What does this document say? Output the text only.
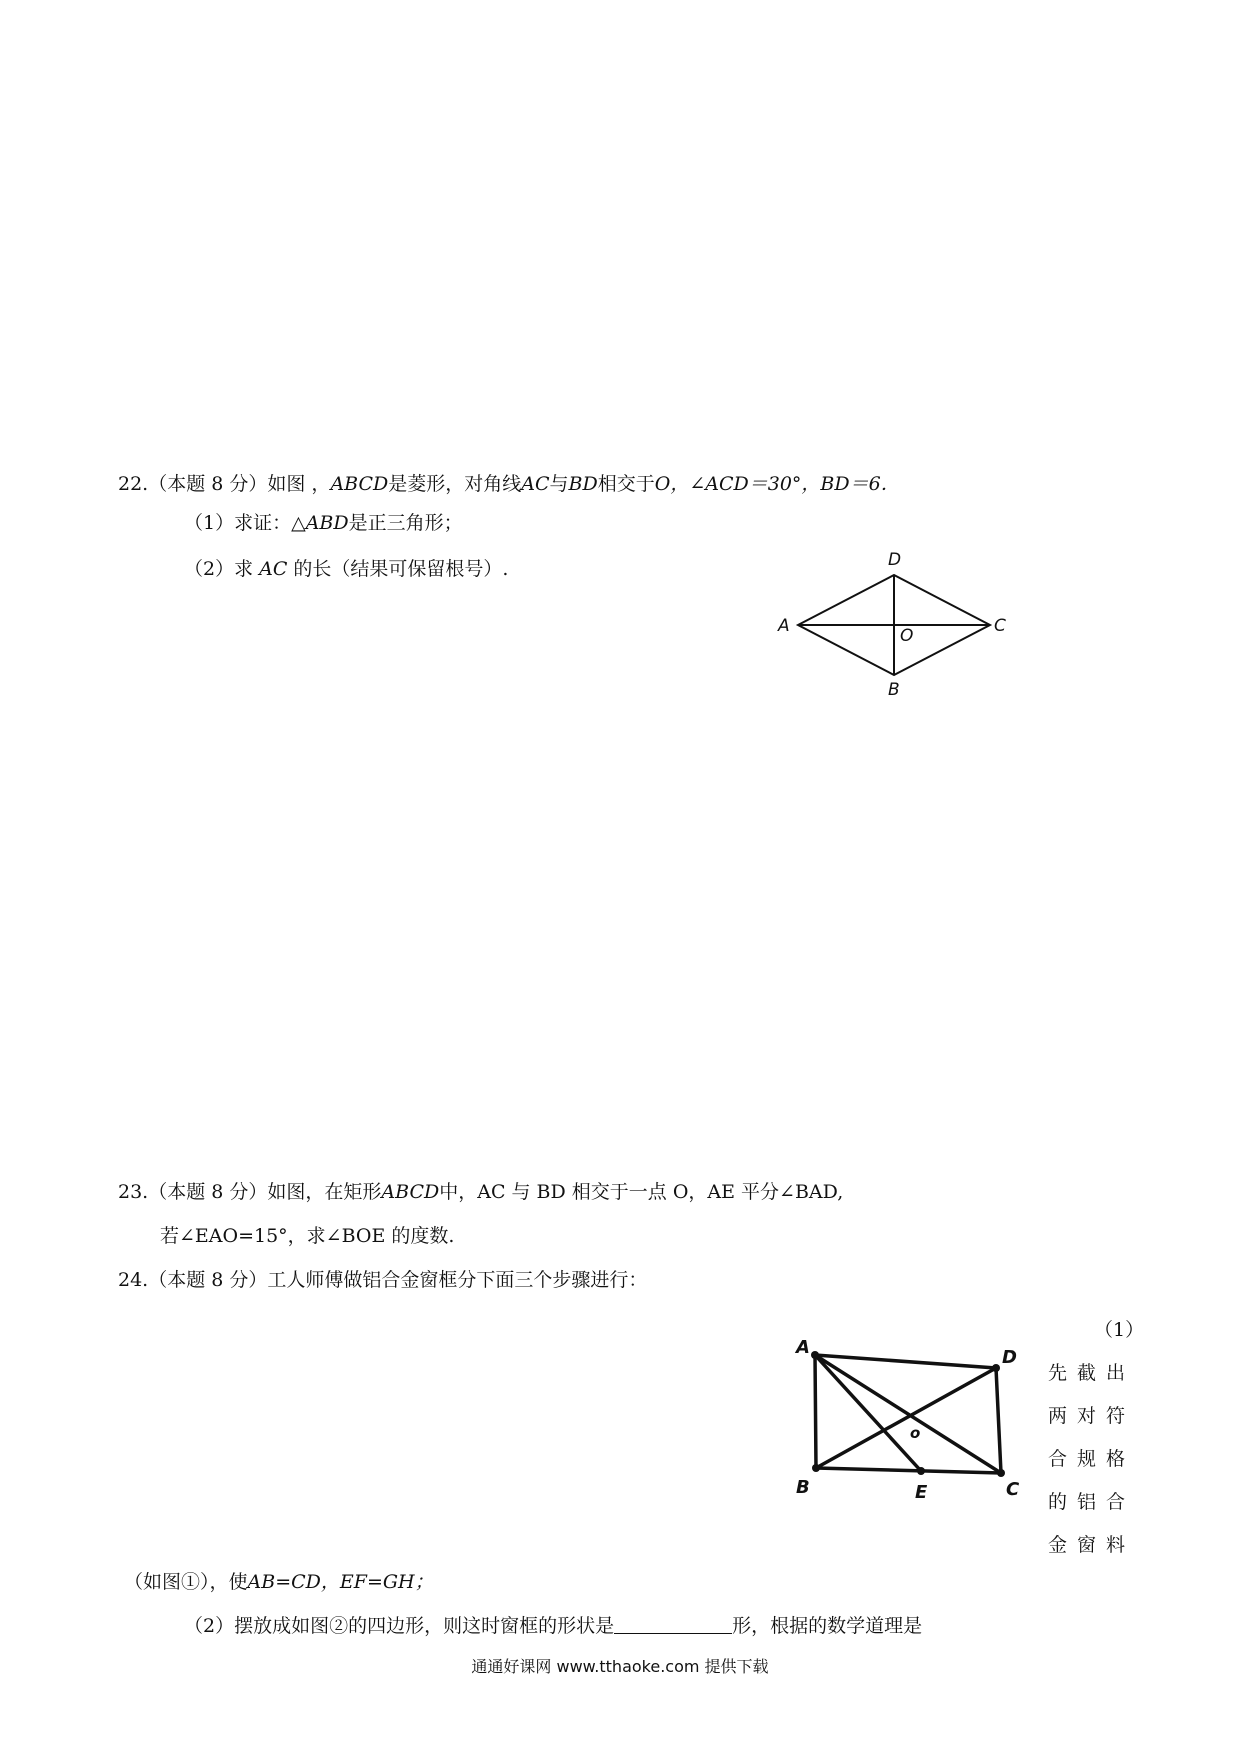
22.（本题 8 分）如图 ，ABCD是菱形，对角线AC与BD相交于O，∠ACD＝30°，BD＝6．
（1）求证：△ABD是正三角形；
（2）求 AC 的长（结果可保留根号）.
A
D
C
B
O
23.（本题 8 分）如图，在矩形ABCD中，AC 与 BD 相交于一点 O，AE 平分∠BAD,
若∠EAO=15°，求∠BOE 的度数.
24.（本题 8 分）工人师傅做铝合金窗框分下面三个步骤进行：
A	D
C
B	E
o
（1）
先截出
两对符
合规格
的铝合
金窗料
（如图①），使AB=CD，EF=GH；
（2）摆放成如图②的四边形，则这时窗框的形状是	形，根据的数学道理是
通通好课网 www.tthaoke.com 提供下载
